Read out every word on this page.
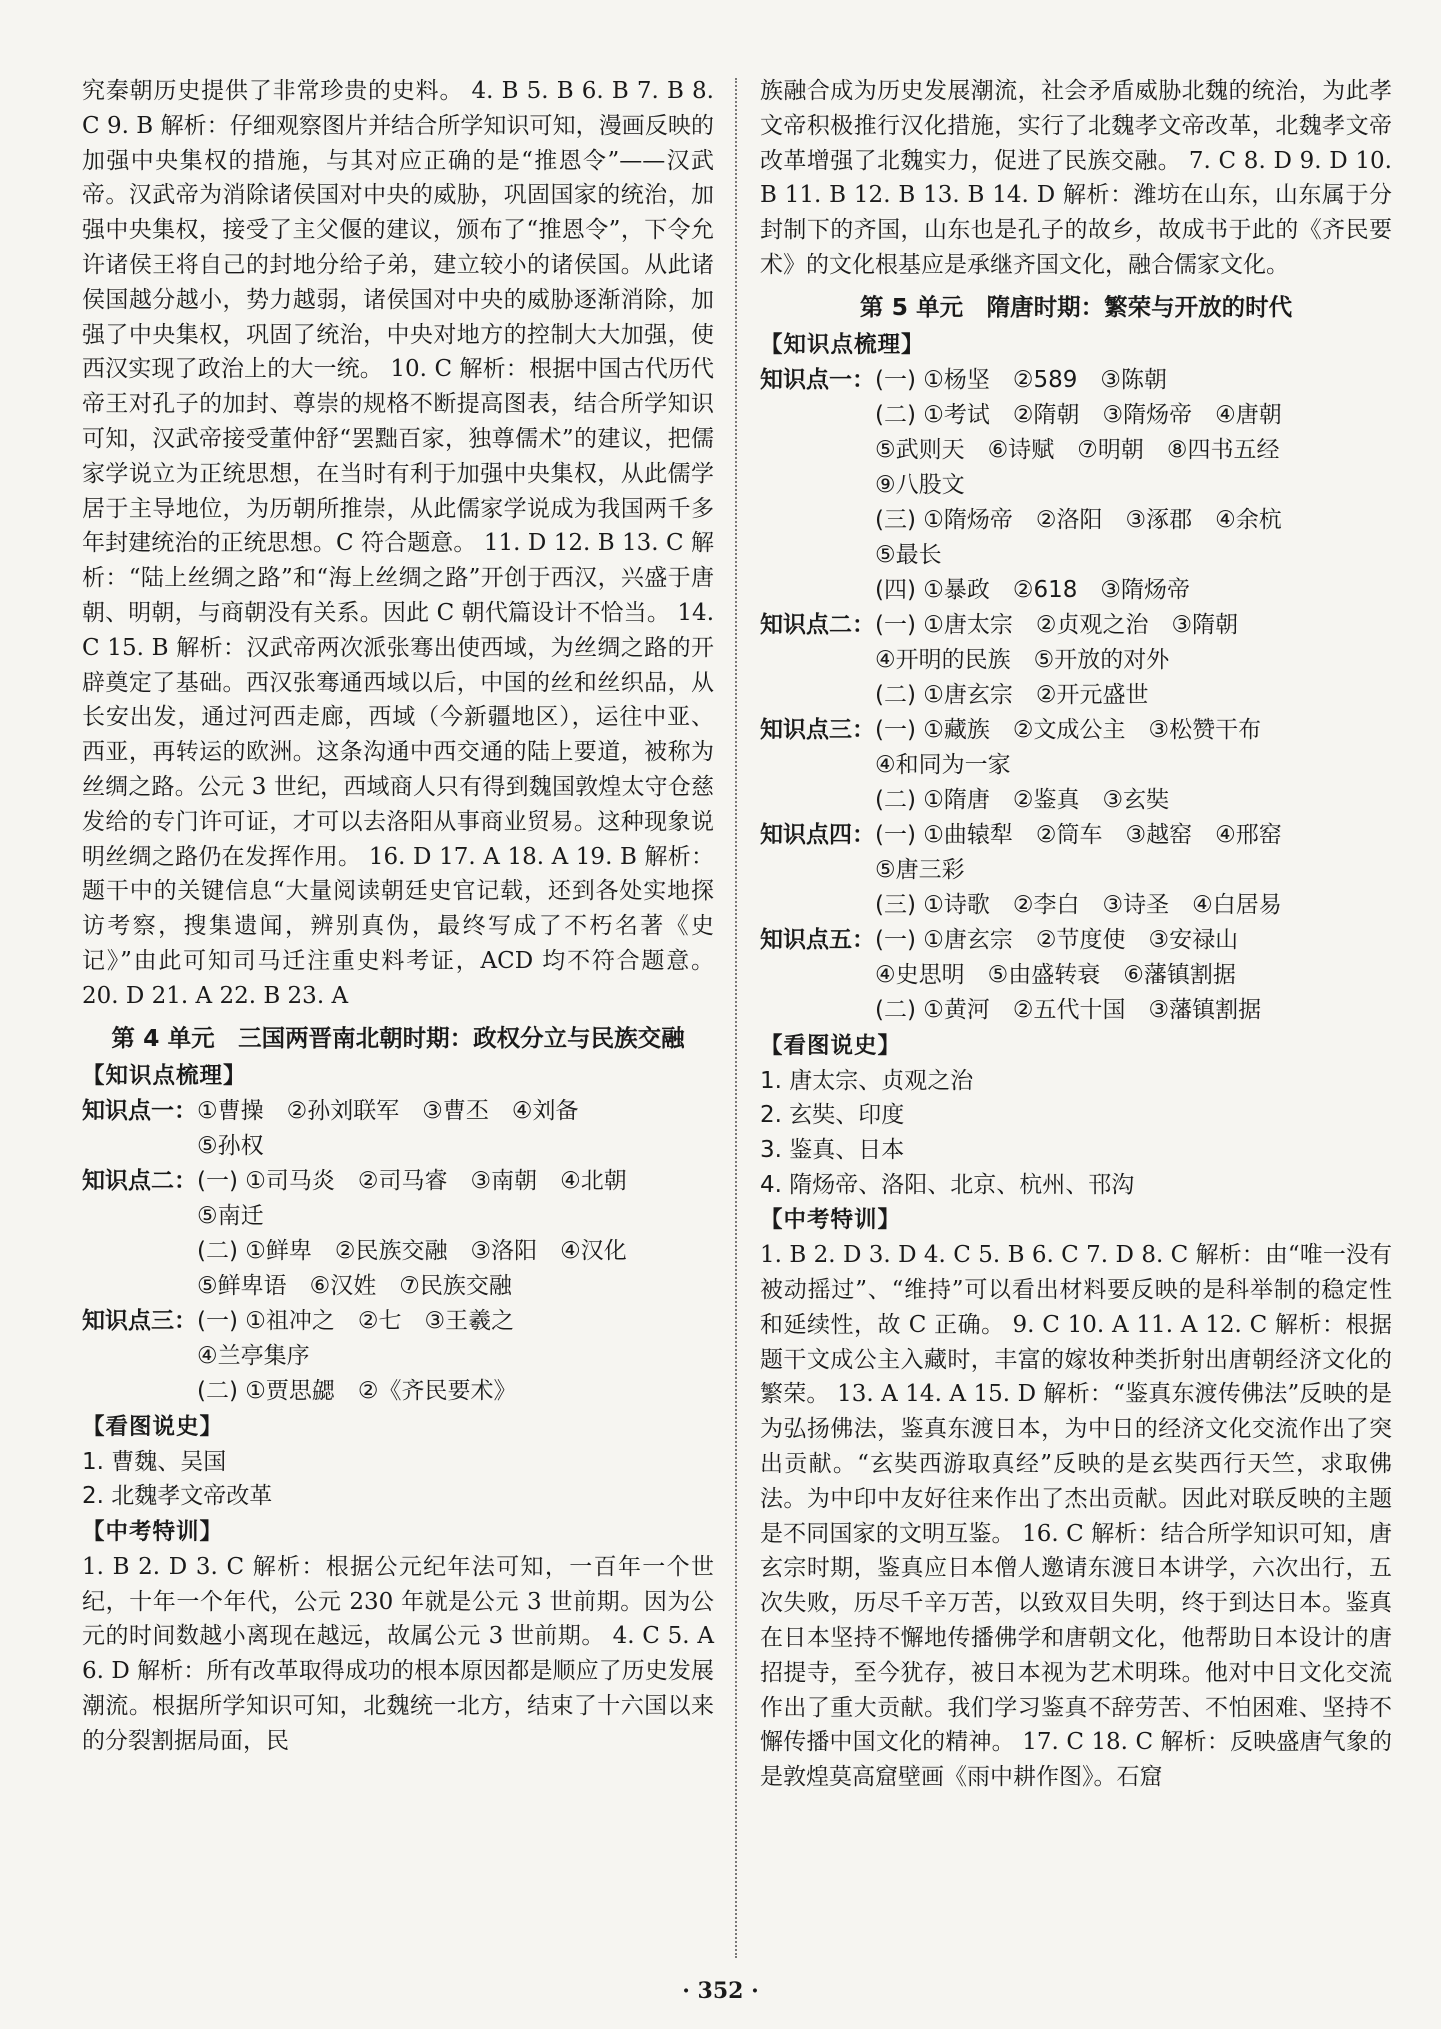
究秦朝历史提供了非常珍贵的史料。 4. B 5. B 6. B 7. B 8. C 9. B 解析：仔细观察图片并结合所学知识可知，漫画反映的加强中央集权的措施，与其对应正确的是“推恩令”——汉武帝。汉武帝为消除诸侯国对中央的威胁，巩固国家的统治，加强中央集权，接受了主父偃的建议，颁布了“推恩令”，下令允许诸侯王将自己的封地分给子弟，建立较小的诸侯国。从此诸侯国越分越小，势力越弱，诸侯国对中央的威胁逐渐消除，加强了中央集权，巩固了统治，中央对地方的控制大大加强，使西汉实现了政治上的大一统。 10. C 解析：根据中国古代历代帝王对孔子的加封、尊崇的规格不断提高图表，结合所学知识可知，汉武帝接受董仲舒“罢黜百家，独尊儒术”的建议，把儒家学说立为正统思想，在当时有利于加强中央集权，从此儒学居于主导地位，为历朝所推崇，从此儒家学说成为我国两千多年封建统治的正统思想。C 符合题意。 11. D 12. B 13. C 解析：“陆上丝绸之路”和“海上丝绸之路”开创于西汉，兴盛于唐朝、明朝，与商朝没有关系。因此 C 朝代篇设计不恰当。 14. C 15. B 解析：汉武帝两次派张骞出使西域，为丝绸之路的开辟奠定了基础。西汉张骞通西域以后，中国的丝和丝织品，从长安出发，通过河西走廊，西域（今新疆地区），运往中亚、西亚，再转运的欧洲。这条沟通中西交通的陆上要道，被称为丝绸之路。公元 3 世纪，西域商人只有得到魏国敦煌太守仓慈发给的专门许可证，才可以去洛阳从事商业贸易。这种现象说明丝绸之路仍在发挥作用。 16. D 17. A 18. A 19. B 解析：题干中的关键信息“大量阅读朝廷史官记载，还到各处实地探访考察，搜集遗闻，辨别真伪，最终写成了不朽名著《史记》”由此可知司马迁注重史料考证，ACD 均不符合题意。 20. D 21. A 22. B 23. A

第 4 单元　三国两晋南北朝时期：政权分立与民族交融
【知识点梳理】
知识点一： ①曹操　②孙刘联军　③曹丕　④刘备
⑤孙权
知识点二： (一) ①司马炎　②司马睿　③南朝　④北朝
⑤南迁
(二) ①鲜卑　②民族交融　③洛阳　④汉化
⑤鲜卑语　⑥汉姓　⑦民族交融
知识点三： (一) ①祖冲之　②七　③王羲之
④兰亭集序
(二) ①贾思勰　②《齐民要术》
【看图说史】
1. 曹魏、吴国
2. 北魏孝文帝改革
【中考特训】

1. B 2. D 3. C 解析：根据公元纪年法可知，一百年一个世纪，十年一个年代，公元 230 年就是公元 3 世前期。因为公元的时间数越小离现在越远，故属公元 3 世前期。 4. C 5. A 6. D 解析：所有改革取得成功的根本原因都是顺应了历史发展潮流。根据所学知识可知，北魏统一北方，结束了十六国以来的分裂割据局面，民

族融合成为历史发展潮流，社会矛盾威胁北魏的统治，为此孝文帝积极推行汉化措施，实行了北魏孝文帝改革，北魏孝文帝改革增强了北魏实力，促进了民族交融。 7. C 8. D 9. D 10. B 11. B 12. B 13. B 14. D 解析：潍坊在山东，山东属于分封制下的齐国，山东也是孔子的故乡，故成书于此的《齐民要术》的文化根基应是承继齐国文化，融合儒家文化。

第 5 单元　隋唐时期：繁荣与开放的时代
【知识点梳理】
知识点一： (一) ①杨坚　②589　③陈朝
(二) ①考试　②隋朝　③隋炀帝　④唐朝
⑤武则天　⑥诗赋　⑦明朝　⑧四书五经
⑨八股文
(三) ①隋炀帝　②洛阳　③涿郡　④余杭
⑤最长
(四) ①暴政　②618　③隋炀帝
知识点二： (一) ①唐太宗　②贞观之治　③隋朝
④开明的民族　⑤开放的对外
(二) ①唐玄宗　②开元盛世
知识点三： (一) ①藏族　②文成公主　③松赞干布
④和同为一家
(二) ①隋唐　②鉴真　③玄奘
知识点四： (一) ①曲辕犁　②筒车　③越窑　④邢窑
⑤唐三彩
(三) ①诗歌　②李白　③诗圣　④白居易
知识点五： (一) ①唐玄宗　②节度使　③安禄山
④史思明　⑤由盛转衰　⑥藩镇割据
(二) ①黄河　②五代十国　③藩镇割据
【看图说史】
1. 唐太宗、贞观之治
2. 玄奘、印度
3. 鉴真、日本
4. 隋炀帝、洛阳、北京、杭州、邗沟
【中考特训】

1. B 2. D 3. D 4. C 5. B 6. C 7. D 8. C 解析：由“唯一没有被动摇过”、“维持”可以看出材料要反映的是科举制的稳定性和延续性，故 C 正确。 9. C 10. A 11. A 12. C 解析：根据题干文成公主入藏时，丰富的嫁妆种类折射出唐朝经济文化的繁荣。 13. A 14. A 15. D 解析：“鉴真东渡传佛法”反映的是为弘扬佛法，鉴真东渡日本，为中日的经济文化交流作出了突出贡献。“玄奘西游取真经”反映的是玄奘西行天竺，求取佛法。为中印中友好往来作出了杰出贡献。因此对联反映的主题是不同国家的文明互鉴。 16. C 解析：结合所学知识可知，唐玄宗时期，鉴真应日本僧人邀请东渡日本讲学，六次出行，五次失败，历尽千辛万苦，以致双目失明，终于到达日本。鉴真在日本坚持不懈地传播佛学和唐朝文化，他帮助日本设计的唐招提寺，至今犹存，被日本视为艺术明珠。他对中日文化交流作出了重大贡献。我们学习鉴真不辞劳苦、不怕困难、坚持不懈传播中国文化的精神。 17. C 18. C 解析：反映盛唐气象的是敦煌莫高窟壁画《雨中耕作图》。石窟

· 352 ·
